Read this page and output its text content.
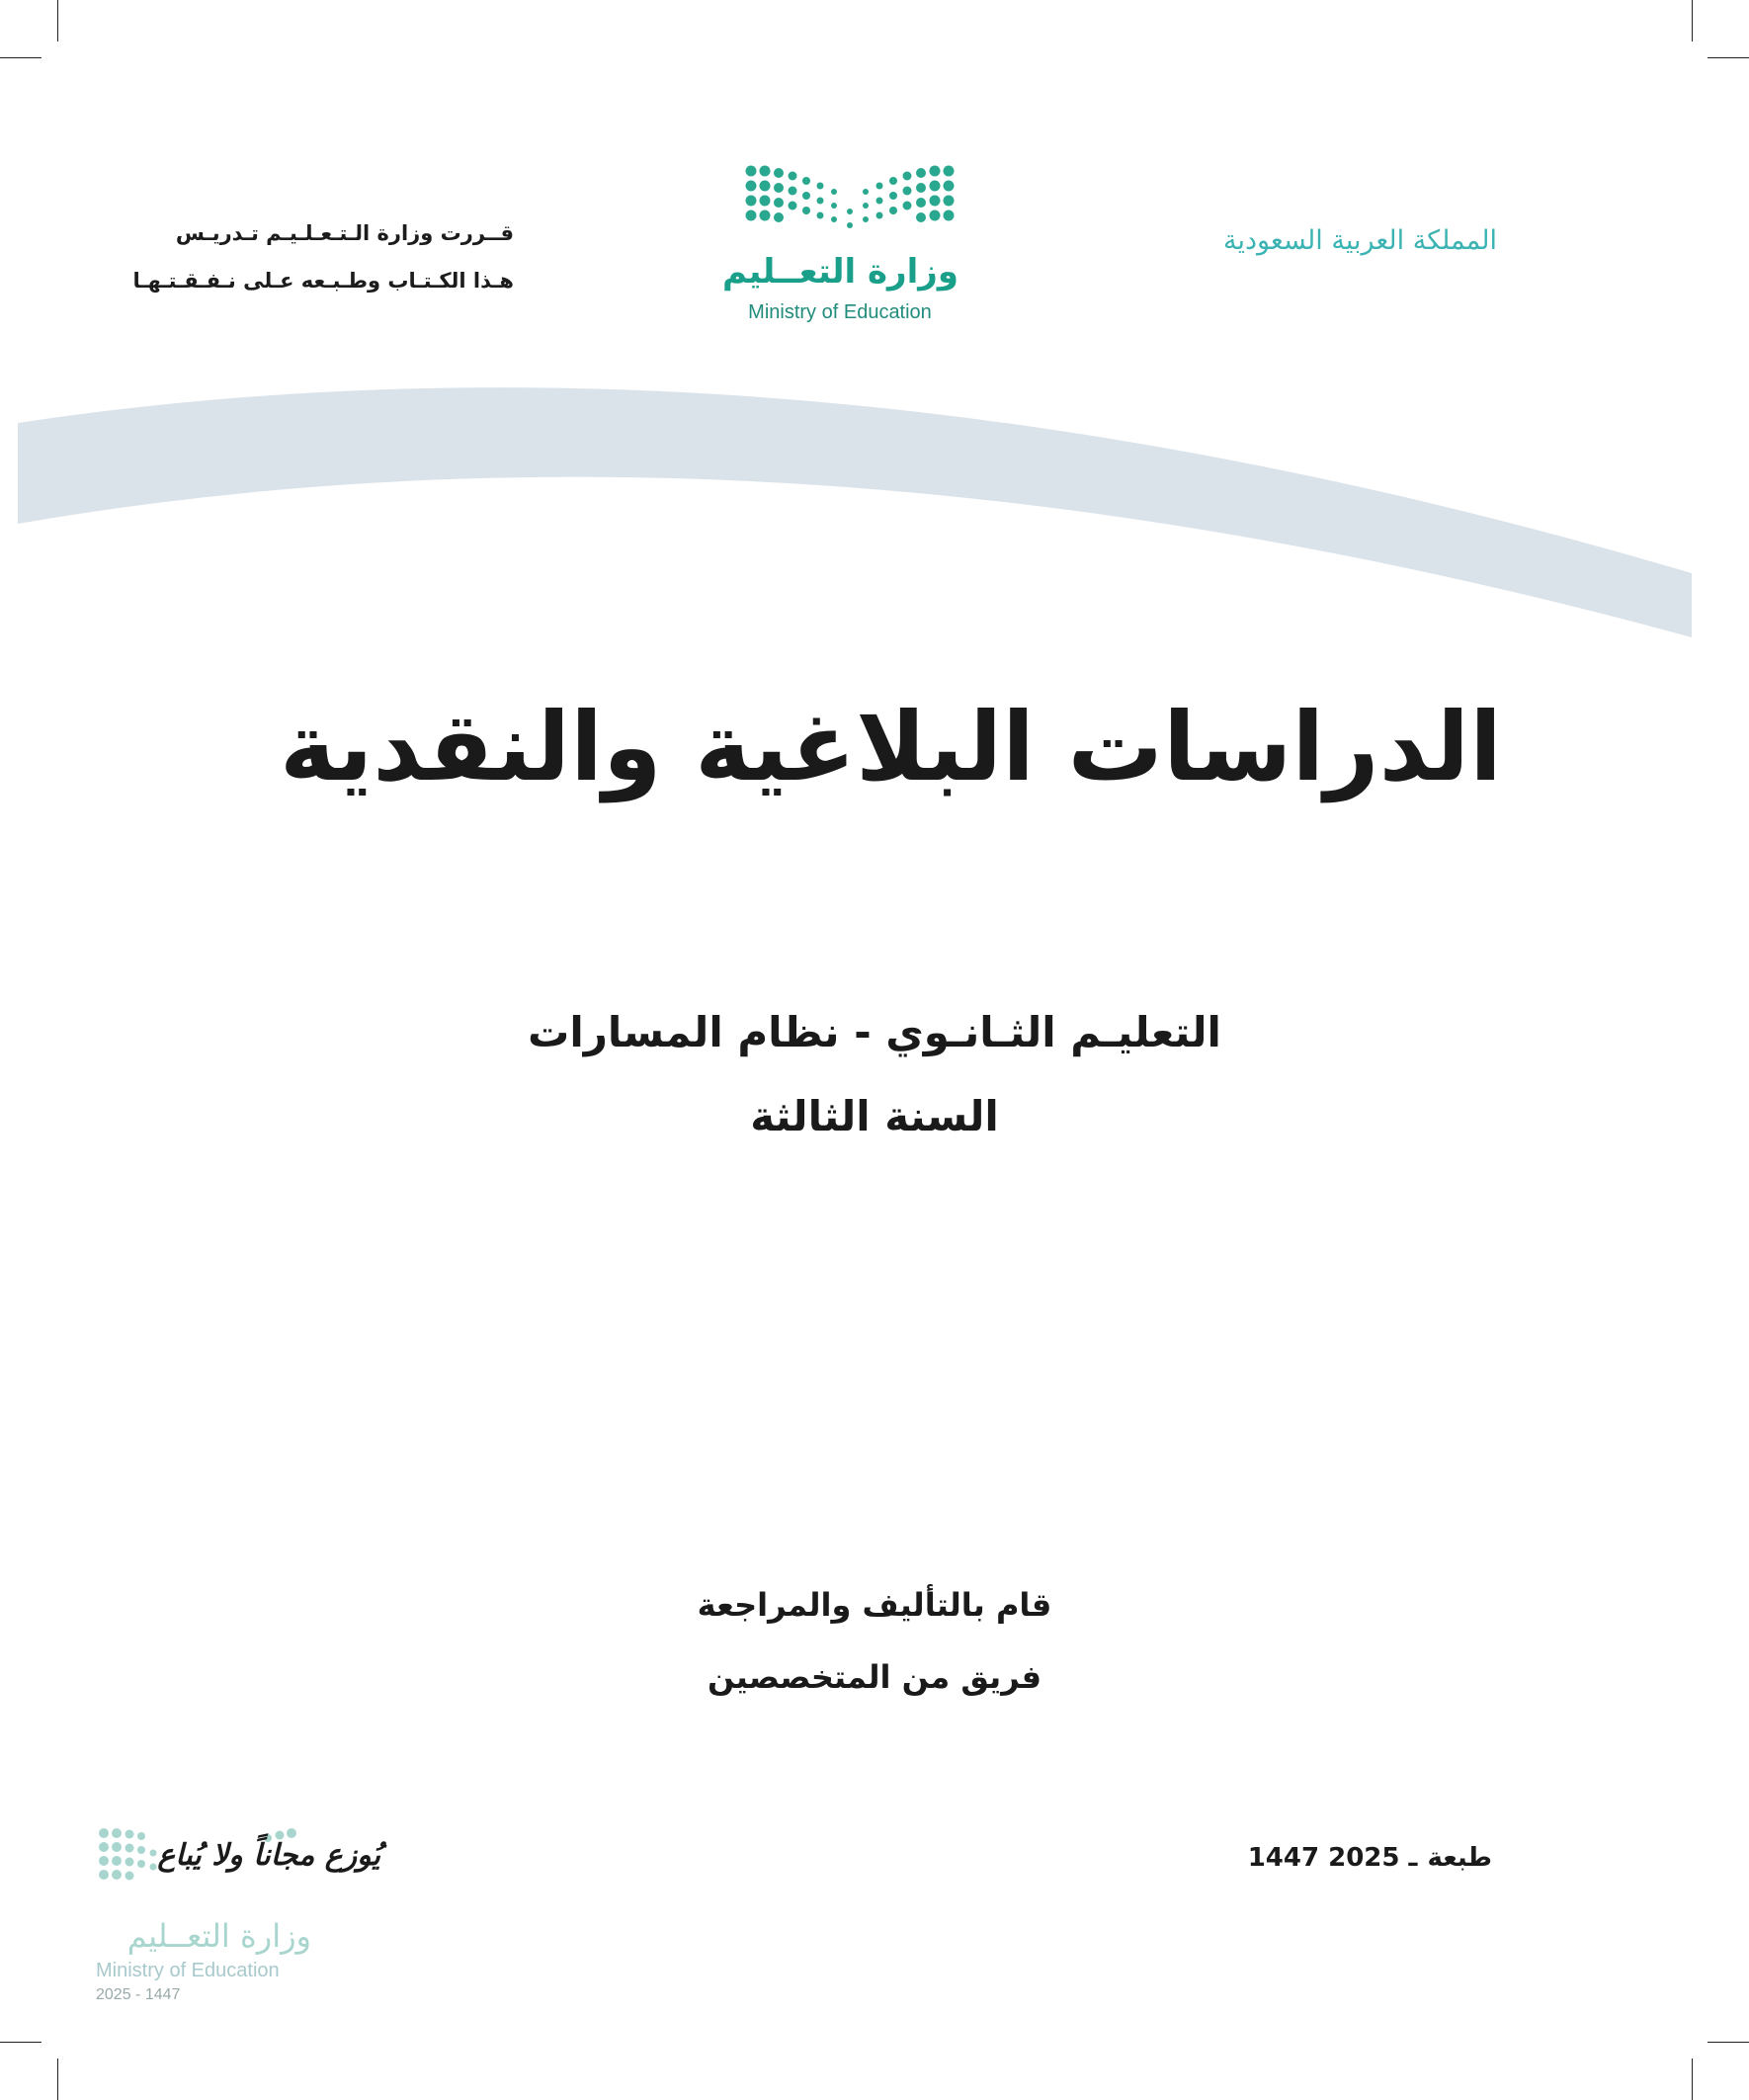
قــررت وزارة الـتـعـلـيـم تـدريـس
هـذا الكـتـاب وطـبـعه عـلى نـفـقـتـهـا	وزارة التعــليم
Ministry of Education
المملكة العربية السعودية
الدراسات البلاغية والنقدية
التعليـم الثـانـوي - نظام المسارات
السنة الثالثة
قام بالتأليف والمراجعة
فريق من المتخصصين
طبعة1447 ـ 2025
يُوزع مجاناً ولا يُباع
وزارة التعــليم
Ministry of Education
2025 - 1447
